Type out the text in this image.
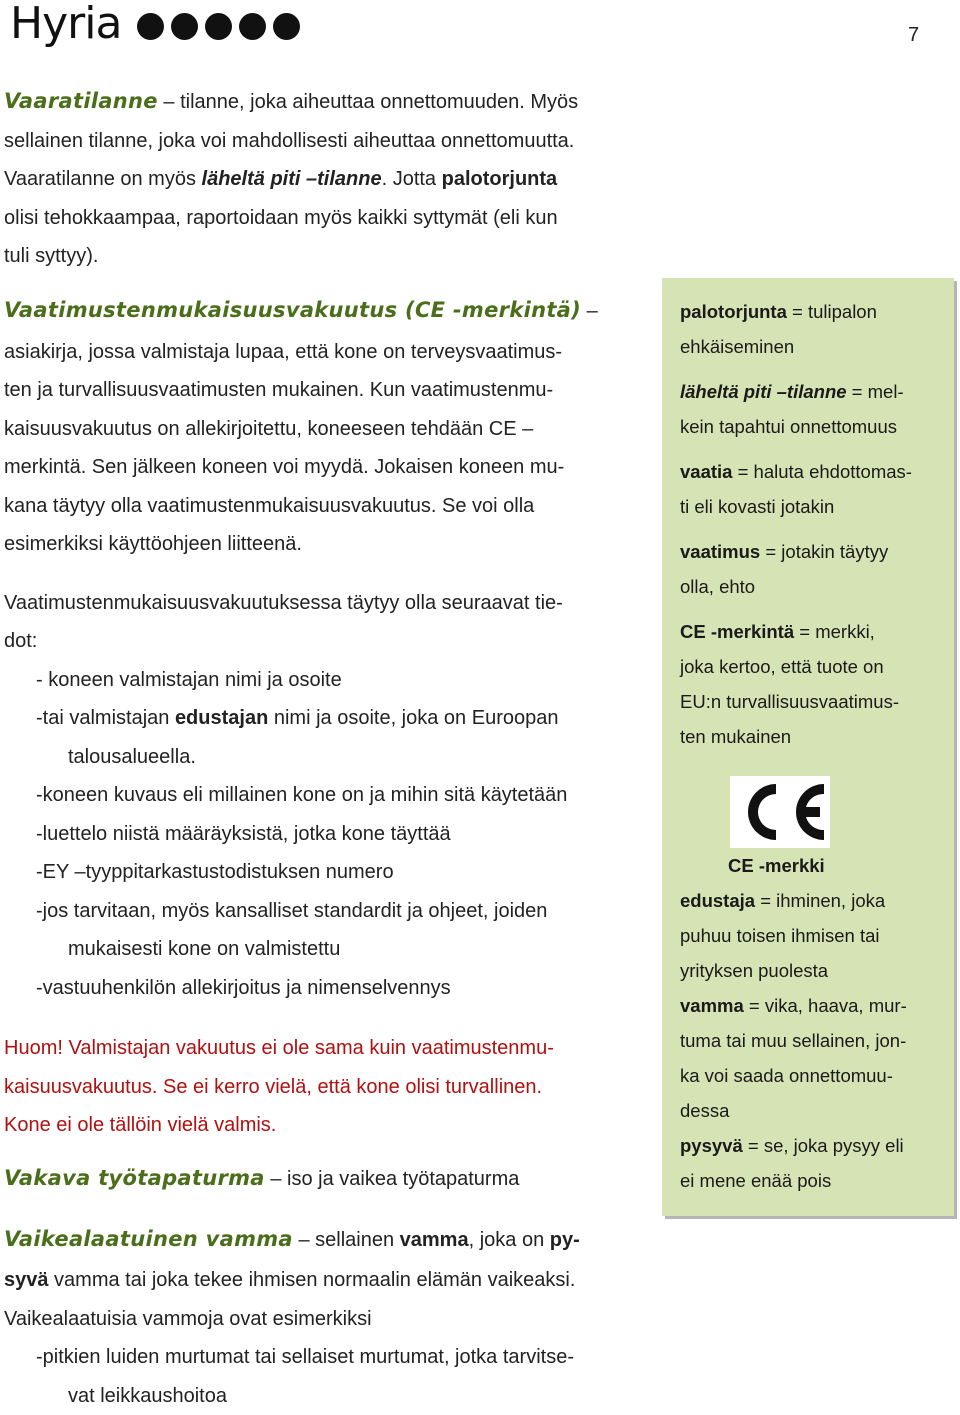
Hyria	7

Vaaratilanne – tilanne, joka aiheuttaa onnettomuuden. Myös

sellainen tilanne, joka voi mahdollisesti aiheuttaa onnettomuutta.

Vaaratilanne on myös läheltä piti –tilanne. Jotta palotorjunta

olisi tehokkaampaa, raportoidaan myös kaikki syttymät (eli kun

tuli syttyy).

Vaatimustenmukaisuusvakuutus (CE -merkintä) –

asiakirja, jossa valmistaja lupaa, että kone on terveysvaatimus-

ten ja turvallisuusvaatimusten mukainen. Kun vaatimustenmu-

kaisuusvakuutus on allekirjoitettu, koneeseen tehdään CE –

merkintä. Sen jälkeen koneen voi myydä. Jokaisen koneen mu-

kana täytyy olla vaatimustenmukaisuusvakuutus. Se voi olla

esimerkiksi käyttöohjeen liitteenä.

Vaatimustenmukaisuusvakuutuksessa täytyy olla seuraavat tie-

dot:

- koneen valmistajan nimi ja osoite

-tai valmistajan edustajan nimi ja osoite, joka on Euroopan

talousalueella.

-koneen kuvaus eli millainen kone on ja mihin sitä käytetään

-luettelo niistä määräyksistä, jotka kone täyttää

-EY –tyyppitarkastustodistuksen numero

-jos tarvitaan, myös kansalliset standardit ja ohjeet, joiden

mukaisesti kone on valmistettu

-vastuuhenkilön allekirjoitus ja nimenselvennys

Huom! Valmistajan vakuutus ei ole sama kuin vaatimustenmu-

kaisuusvakuutus. Se ei kerro vielä, että kone olisi turvallinen.

Kone ei ole tällöin vielä valmis.

Vakava työtapaturma – iso ja vaikea työtapaturma

Vaikealaatuinen vamma – sellainen vamma, joka on py-

syvä vamma tai joka tekee ihmisen normaalin elämän vaikeaksi.

Vaikealaatuisia vammoja ovat esimerkiksi

-pitkien luiden murtumat tai sellaiset murtumat, jotka tarvitse-

vat leikkaushoitoa

palotorjunta = tulipalon

ehkäiseminen

läheltä piti –tilanne = mel-

kein tapahtui onnettomuus

vaatia = haluta ehdottomas-

ti eli kovasti jotakin

vaatimus = jotakin täytyy

olla, ehto

CE -merkintä = merkki,

joka kertoo, että tuote on

EU:n turvallisuusvaatimus-

ten mukainen

CE -merkki

edustaja = ihminen, joka

puhuu toisen ihmisen tai

yrityksen puolesta

vamma = vika, haava, mur-

tuma tai muu sellainen, jon-

ka voi saada onnettomuu-

dessa

pysyvä = se, joka pysyy eli

ei mene enää pois
